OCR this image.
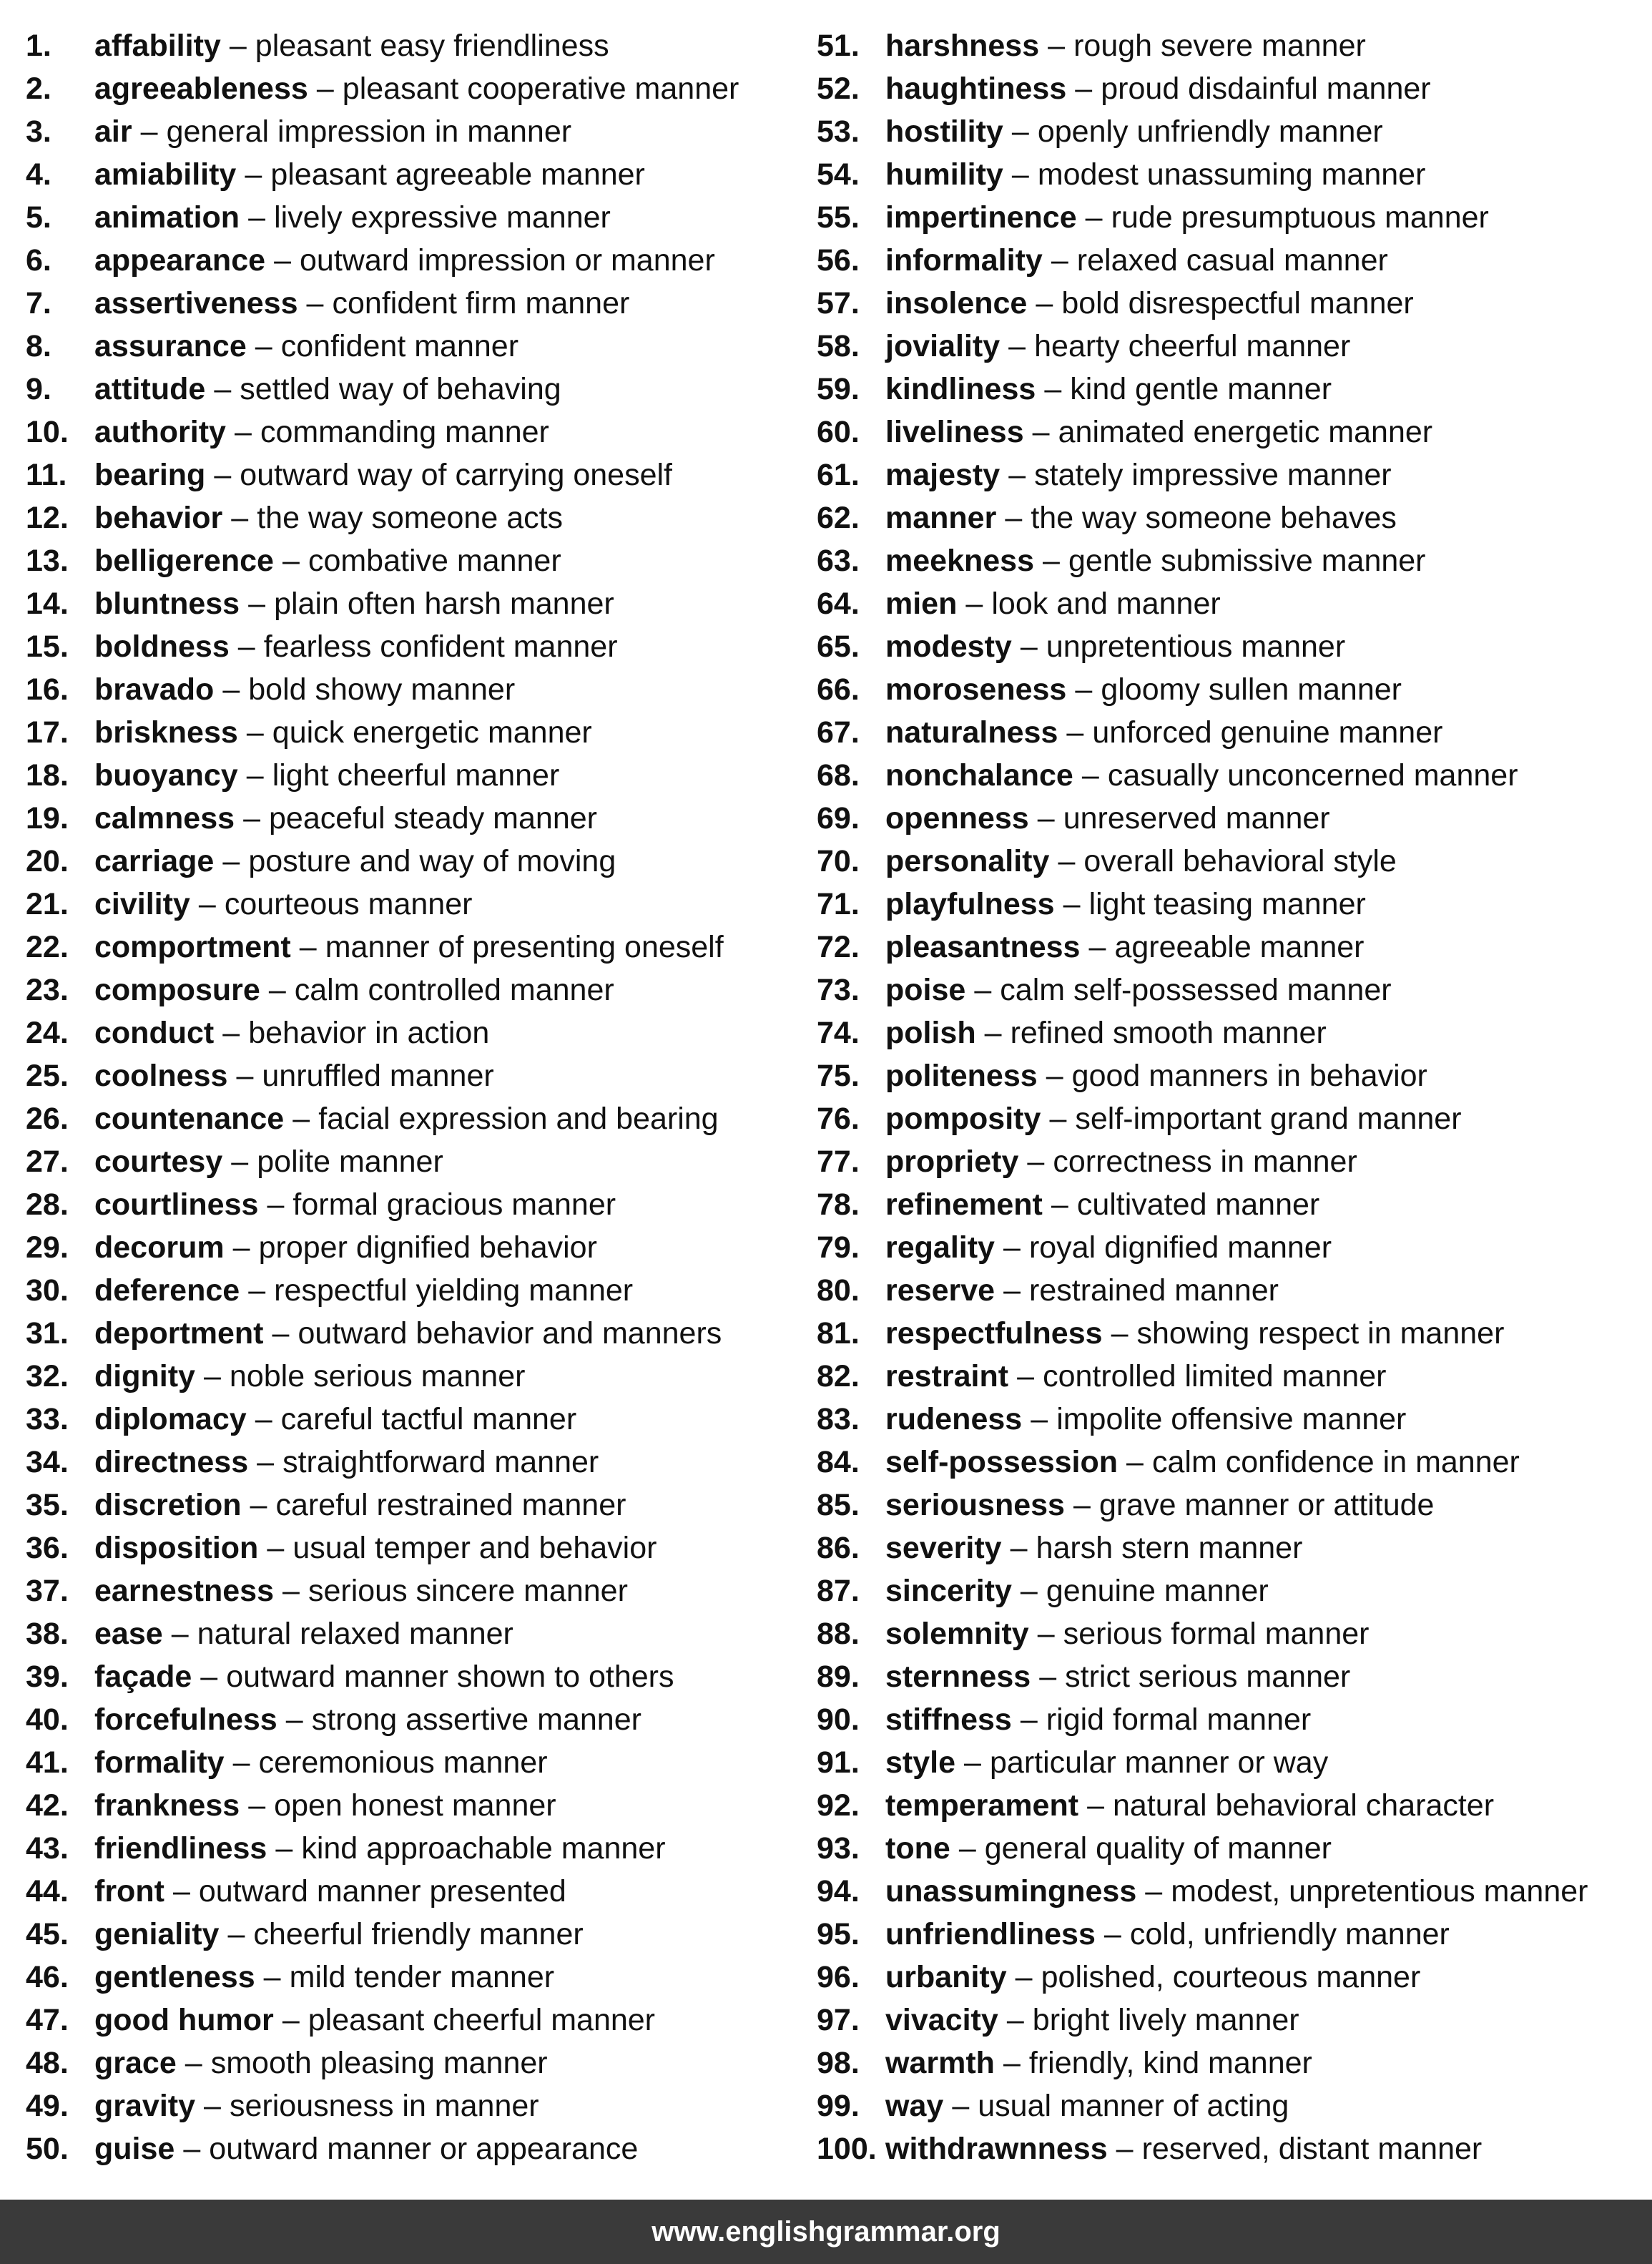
1.	affability – pleasant easy friendliness
2.	agreeableness – pleasant cooperative manner
3.	air – general impression in manner
4.	amiability – pleasant agreeable manner
5.	animation – lively expressive manner
6.	appearance – outward impression or manner
7.	assertiveness – confident firm manner
8.	assurance – confident manner
9.	attitude – settled way of behaving
10. authority – commanding manner
11. bearing – outward way of carrying oneself
12. behavior – the way someone acts
13. belligerence – combative manner
14. bluntness – plain often harsh manner
15. boldness – fearless confident manner
16. bravado – bold showy manner
17. briskness – quick energetic manner
18. buoyancy – light cheerful manner
19. calmness – peaceful steady manner
20. carriage – posture and way of moving
21. civility – courteous manner
22. comportment – manner of presenting oneself
23. composure – calm controlled manner
24. conduct – behavior in action
25. coolness – unruffled manner
26. countenance – facial expression and bearing
27. courtesy – polite manner
28. courtliness – formal gracious manner
29. decorum – proper dignified behavior
30. deference – respectful yielding manner
31. deportment – outward behavior and manners
32. dignity – noble serious manner
33. diplomacy – careful tactful manner
34. directness – straightforward manner
35. discretion – careful restrained manner
36. disposition – usual temper and behavior
37. earnestness – serious sincere manner
38. ease – natural relaxed manner
39. façade – outward manner shown to others
40. forcefulness – strong assertive manner
41. formality – ceremonious manner
42. frankness – open honest manner
43. friendliness – kind approachable manner
44. front – outward manner presented
45. geniality – cheerful friendly manner
46. gentleness – mild tender manner
47. good humor – pleasant cheerful manner
48. grace – smooth pleasing manner
49. gravity – seriousness in manner
50. guise – outward manner or appearance
51. harshness – rough severe manner
52. haughtiness – proud disdainful manner
53. hostility – openly unfriendly manner
54. humility – modest unassuming manner
55. impertinence – rude presumptuous manner
56. informality – relaxed casual manner
57. insolence – bold disrespectful manner
58. joviality – hearty cheerful manner
59. kindliness – kind gentle manner
60. liveliness – animated energetic manner
61. majesty – stately impressive manner
62. manner – the way someone behaves
63. meekness – gentle submissive manner
64. mien – look and manner
65. modesty – unpretentious manner
66. moroseness – gloomy sullen manner
67. naturalness – unforced genuine manner
68. nonchalance – casually unconcerned manner
69. openness – unreserved manner
70. personality – overall behavioral style
71. playfulness – light teasing manner
72. pleasantness – agreeable manner
73. poise – calm self-possessed manner
74. polish – refined smooth manner
75. politeness – good manners in behavior
76. pomposity – self-important grand manner
77. propriety – correctness in manner
78. refinement – cultivated manner
79. regality – royal dignified manner
80. reserve – restrained manner
81. respectfulness – showing respect in manner
82. restraint – controlled limited manner
83. rudeness – impolite offensive manner
84. self-possession – calm confidence in manner
85. seriousness – grave manner or attitude
86. severity – harsh stern manner
87. sincerity – genuine manner
88. solemnity – serious formal manner
89. sternness – strict serious manner
90. stiffness – rigid formal manner
91. style – particular manner or way
92. temperament – natural behavioral character
93. tone – general quality of manner
94. unassumingness – modest, unpretentious manner
95. unfriendliness – cold, unfriendly manner
96. urbanity – polished, courteous manner
97. vivacity – bright lively manner
98. warmth – friendly, kind manner
99. way – usual manner of acting
100. withdrawnness – reserved, distant manner
www.englishgrammar.org
